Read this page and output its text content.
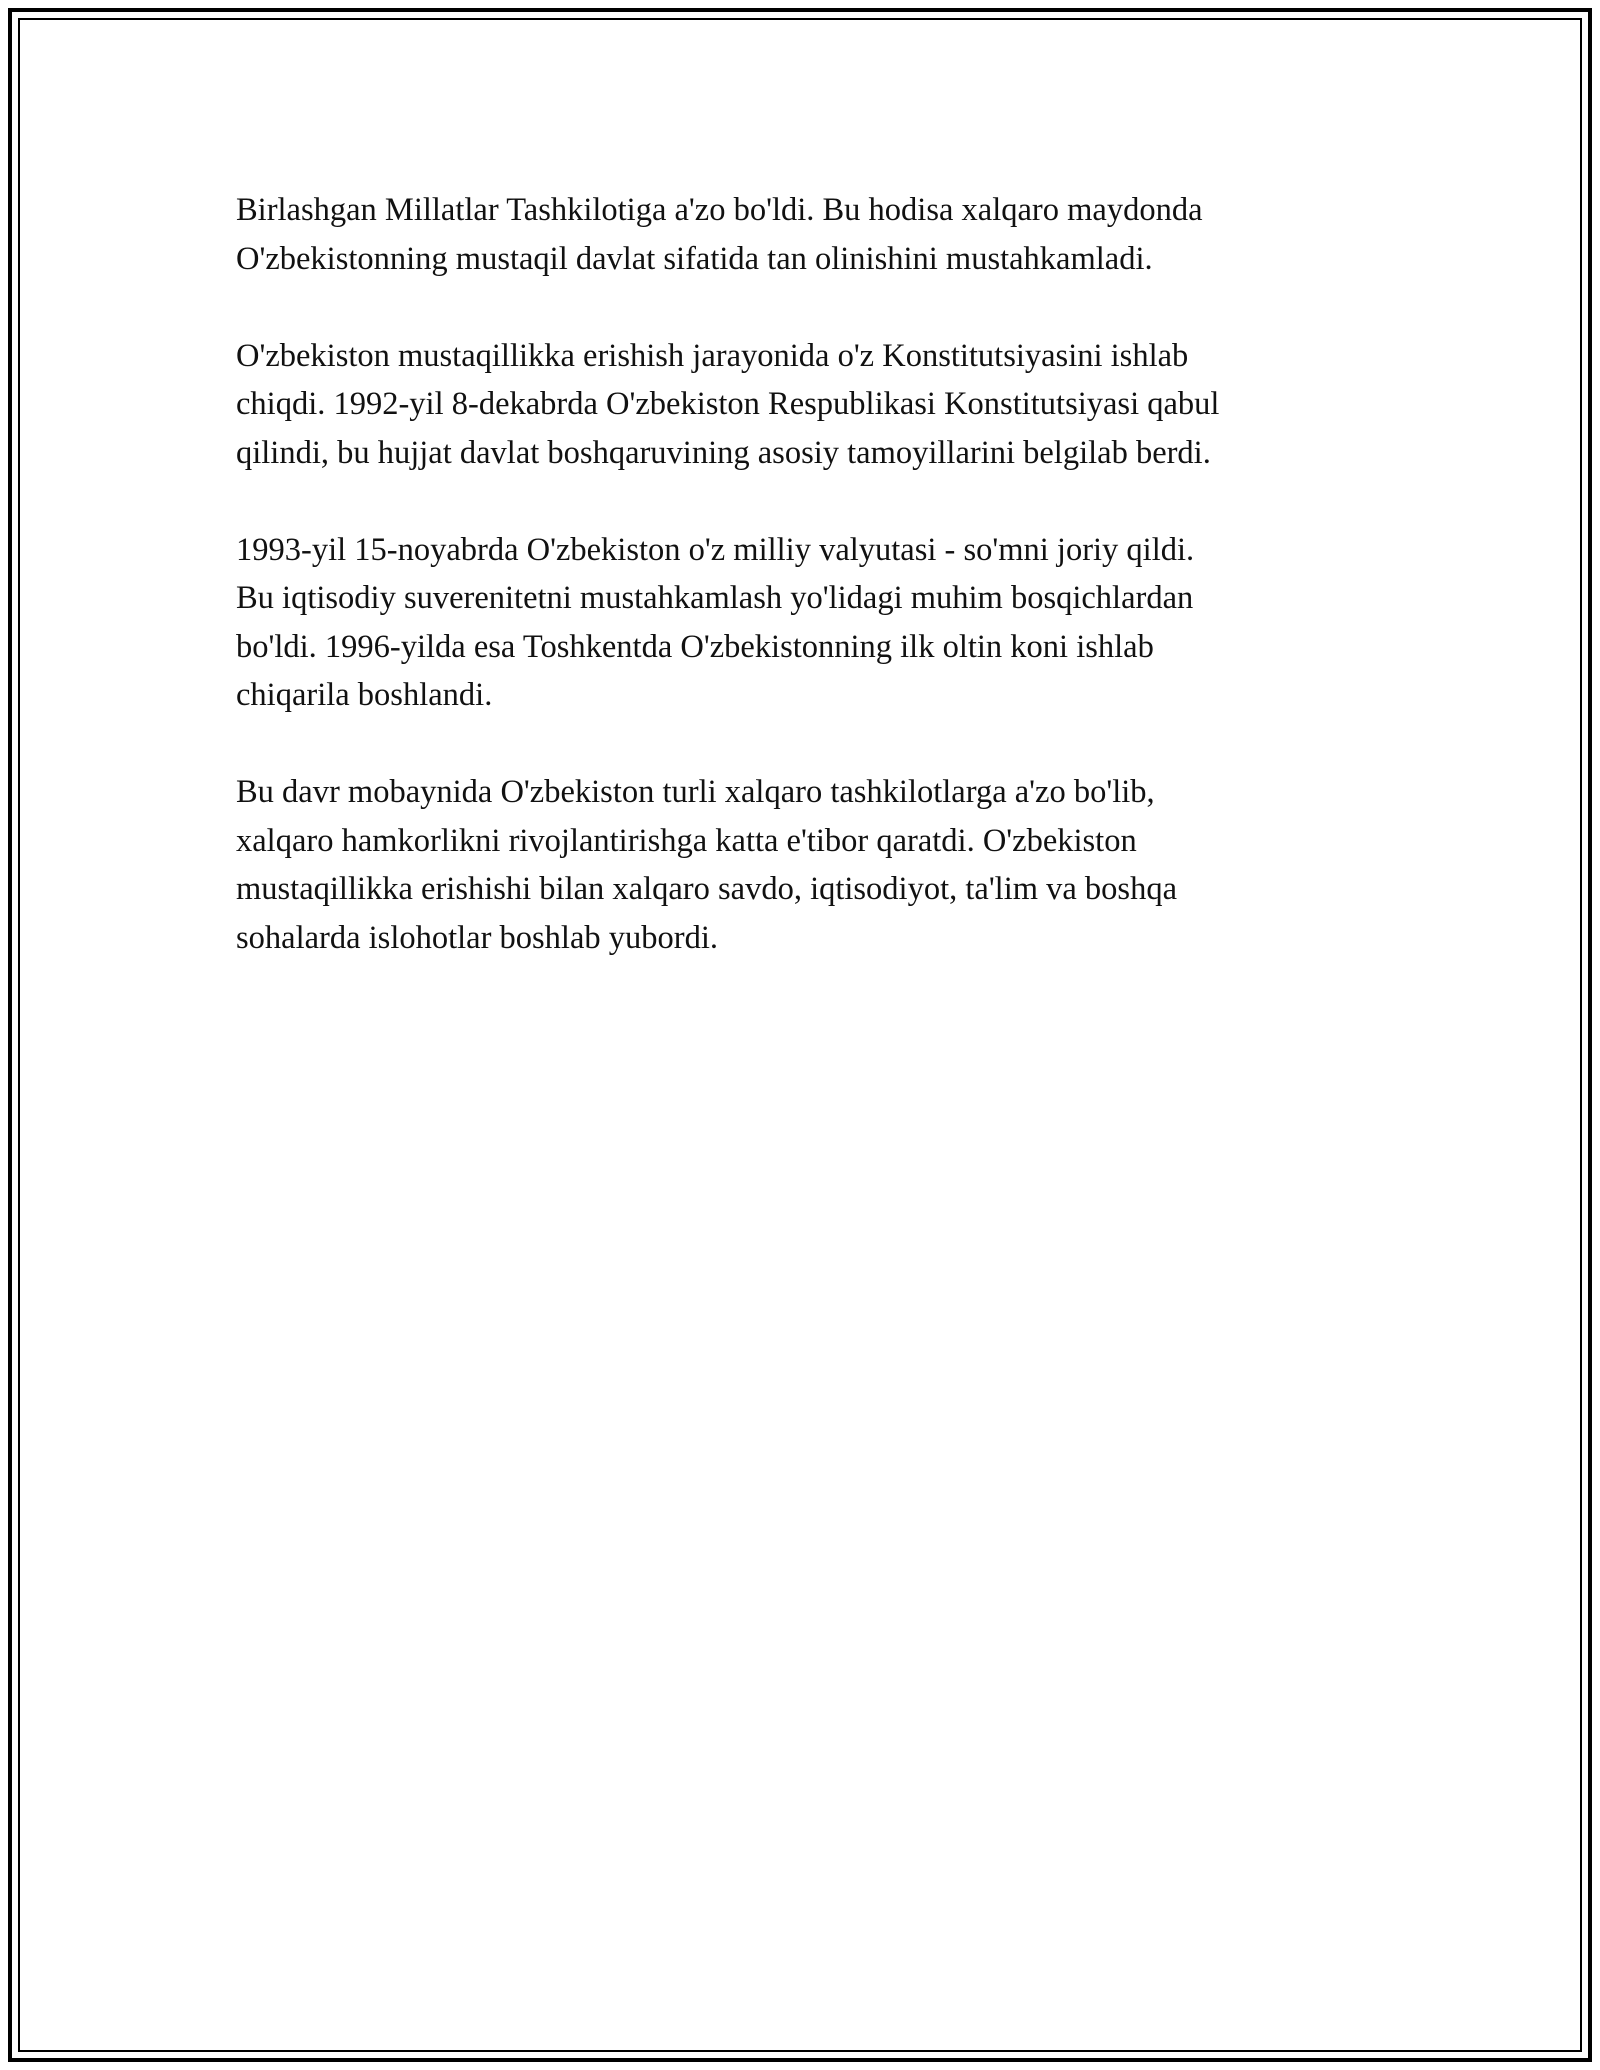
Birlashgan Millatlar Tashkilotiga a'zo bo'ldi. Bu hodisa xalqaro maydonda
O'zbekistonning mustaqil davlat sifatida tan olinishini mustahkamladi.

O'zbekiston mustaqillikka erishish jarayonida o'z Konstitutsiyasini ishlab
chiqdi. 1992-yil 8-dekabrda O'zbekiston Respublikasi Konstitutsiyasi qabul
qilindi, bu hujjat davlat boshqaruvining asosiy tamoyillarini belgilab berdi.

1993-yil 15-noyabrda O'zbekiston o'z milliy valyutasi - so'mni joriy qildi.
Bu iqtisodiy suverenitetni mustahkamlash yo'lidagi muhim bosqichlardan
bo'ldi. 1996-yilda esa Toshkentda O'zbekistonning ilk oltin koni ishlab
chiqarila boshlandi.

Bu davr mobaynida O'zbekiston turli xalqaro tashkilotlarga a'zo bo'lib,
xalqaro hamkorlikni rivojlantirishga katta e'tibor qaratdi. O'zbekiston
mustaqillikka erishishi bilan xalqaro savdo, iqtisodiyot, ta'lim va boshqa
sohalarda islohotlar boshlab yubordi.
